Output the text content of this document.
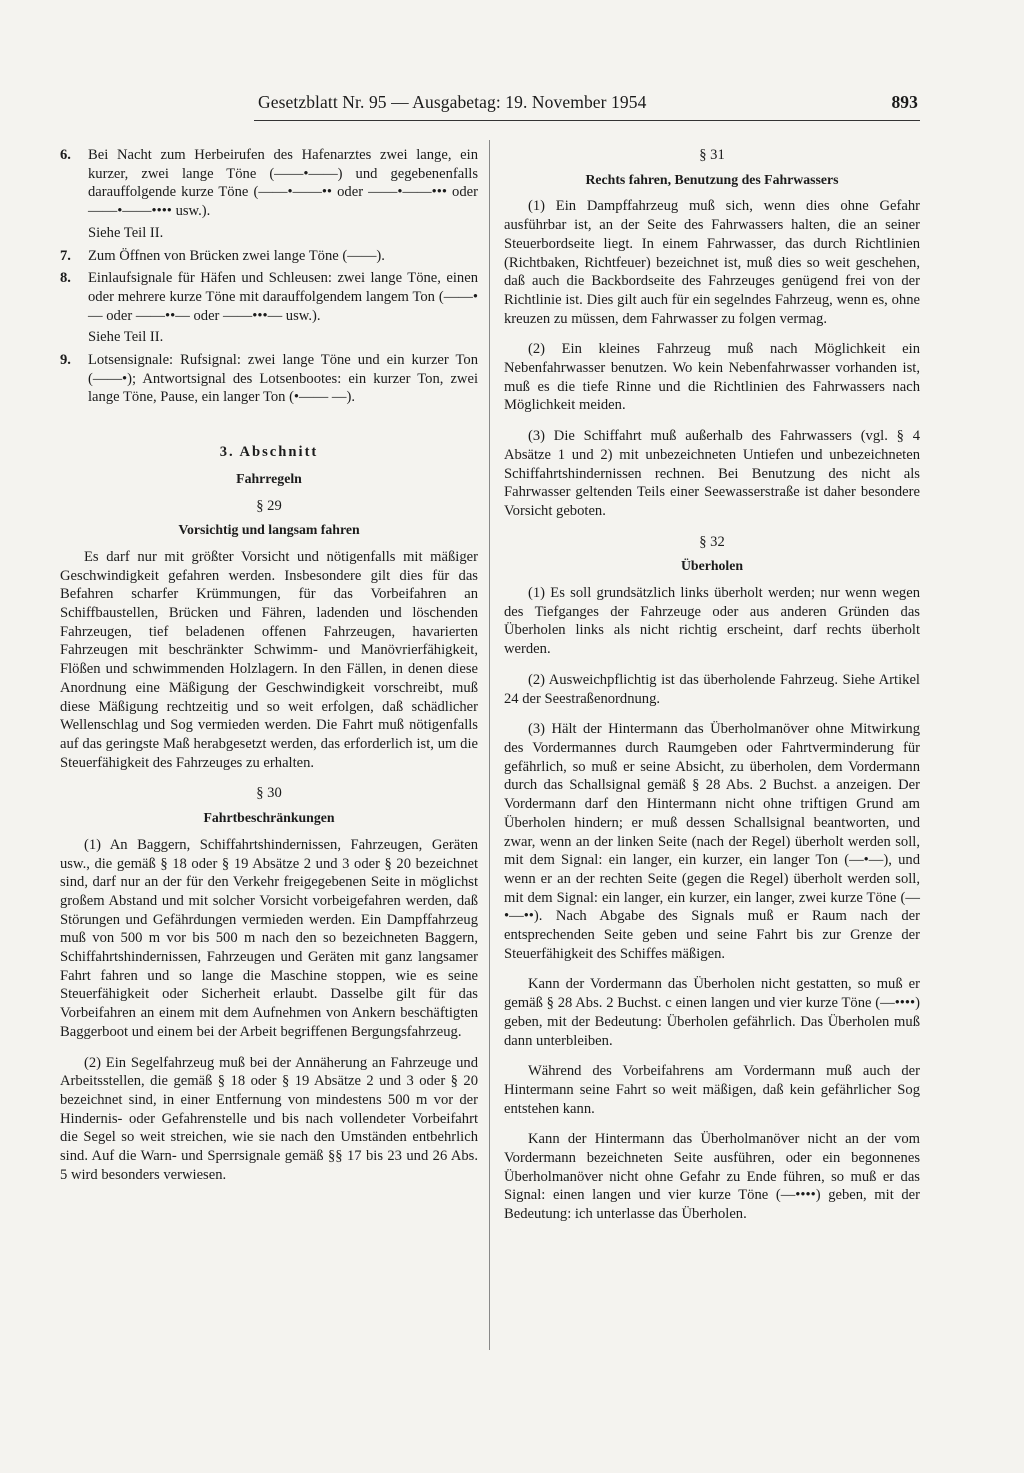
Gesetzblatt Nr. 95 — Ausgabetag: 19. November 1954	893
6. Bei Nacht zum Herbeirufen des Hafenarztes zwei lange, ein kurzer, zwei lange Töne (——•——) und gegebenenfalls darauffolgende kurze Töne (——•——•• oder ——•——••• oder ——•——•••• usw.).
Siehe Teil II.
7. Zum Öffnen von Brücken zwei lange Töne (——).
8. Einlaufsignale für Häfen und Schleusen: zwei lange Töne, einen oder mehrere kurze Töne mit darauffolgendem langem Ton (——•— oder ——••— oder ——•••— usw.).
Siehe Teil II.
9. Lotsensignale: Rufsignal: zwei lange Töne und ein kurzer Ton (——•); Antwortsignal des Lotsenbootes: ein kurzer Ton, zwei lange Töne, Pause, ein langer Ton (•—— —).
3. Abschnitt
Fahrregeln
§ 29
Vorsichtig und langsam fahren

Es darf nur mit größter Vorsicht und nötigenfalls mit mäßiger Geschwindigkeit gefahren werden. Insbesondere gilt dies für das Befahren scharfer Krümmungen, für das Vorbeifahren an Schiffbaustellen, Brücken und Fähren, ladenden und löschenden Fahrzeugen, tief beladenen offenen Fahrzeugen, havarierten Fahrzeugen mit beschränkter Schwimm- und Manövrierfähigkeit, Flößen und schwimmenden Holzlagern. In den Fällen, in denen diese Anordnung eine Mäßigung der Geschwindigkeit vorschreibt, muß diese Mäßigung rechtzeitig und so weit erfolgen, daß schädlicher Wellenschlag und Sog vermieden werden. Die Fahrt muß nötigenfalls auf das geringste Maß herabgesetzt werden, das erforderlich ist, um die Steuerfähigkeit des Fahrzeuges zu erhalten.

§ 30
Fahrtbeschränkungen

(1) An Baggern, Schiffahrtshindernissen, Fahrzeugen, Geräten usw., die gemäß § 18 oder § 19 Absätze 2 und 3 oder § 20 bezeichnet sind, darf nur an der für den Verkehr freigegebenen Seite in möglichst großem Abstand und mit solcher Vorsicht vorbeigefahren werden, daß Störungen und Gefährdungen vermieden werden. Ein Dampffahrzeug muß von 500 m vor bis 500 m nach den so bezeichneten Baggern, Schiffahrtshindernissen, Fahrzeugen und Geräten mit ganz langsamer Fahrt fahren und so lange die Maschine stoppen, wie es seine Steuerfähigkeit oder Sicherheit erlaubt. Dasselbe gilt für das Vorbeifahren an einem mit dem Aufnehmen von Ankern beschäftigten Baggerboot und einem bei der Arbeit begriffenen Bergungsfahrzeug.

(2) Ein Segelfahrzeug muß bei der Annäherung an Fahrzeuge und Arbeitsstellen, die gemäß § 18 oder § 19 Absätze 2 und 3 oder § 20 bezeichnet sind, in einer Entfernung von mindestens 500 m vor der Hindernis- oder Gefahrenstelle und bis nach vollendeter Vorbeifahrt die Segel so weit streichen, wie sie nach den Umständen entbehrlich sind. Auf die Warn- und Sperrsignale gemäß §§ 17 bis 23 und 26 Abs. 5 wird besonders verwiesen.

§ 31
Rechts fahren, Benutzung des Fahrwassers

(1) Ein Dampffahrzeug muß sich, wenn dies ohne Gefahr ausführbar ist, an der Seite des Fahrwassers halten, die an seiner Steuerbordseite liegt. In einem Fahrwasser, das durch Richtlinien (Richtbaken, Richtfeuer) bezeichnet ist, muß dies so weit geschehen, daß auch die Backbordseite des Fahrzeuges genügend frei von der Richtlinie ist. Dies gilt auch für ein segelndes Fahrzeug, wenn es, ohne kreuzen zu müssen, dem Fahrwasser zu folgen vermag.

(2) Ein kleines Fahrzeug muß nach Möglichkeit ein Nebenfahrwasser benutzen. Wo kein Nebenfahrwasser vorhanden ist, muß es die tiefe Rinne und die Richtlinien des Fahrwassers nach Möglichkeit meiden.

(3) Die Schiffahrt muß außerhalb des Fahrwassers (vgl. § 4 Absätze 1 und 2) mit unbezeichneten Untiefen und unbezeichneten Schiffahrtshindernissen rechnen. Bei Benutzung des nicht als Fahrwasser geltenden Teils einer Seewasserstraße ist daher besondere Vorsicht geboten.

§ 32
Überholen

(1) Es soll grundsätzlich links überholt werden; nur wenn wegen des Tiefganges der Fahrzeuge oder aus anderen Gründen das Überholen links als nicht richtig erscheint, darf rechts überholt werden.

(2) Ausweichpflichtig ist das überholende Fahrzeug. Siehe Artikel 24 der Seestraßenordnung.

(3) Hält der Hintermann das Überholmanöver ohne Mitwirkung des Vordermannes durch Raumgeben oder Fahrtverminderung für gefährlich, so muß er seine Absicht, zu überholen, dem Vordermann durch das Schallsignal gemäß § 28 Abs. 2 Buchst. a anzeigen. Der Vordermann darf den Hintermann nicht ohne triftigen Grund am Überholen hindern; er muß dessen Schallsignal beantworten, und zwar, wenn an der linken Seite (nach der Regel) überholt werden soll, mit dem Signal: ein langer, ein kurzer, ein langer Ton (—•—), und wenn er an der rechten Seite (gegen die Regel) überholt werden soll, mit dem Signal: ein langer, ein kurzer, ein langer, zwei kurze Töne (—•—••). Nach Abgabe des Signals muß er Raum nach der entsprechenden Seite geben und seine Fahrt bis zur Grenze der Steuerfähigkeit des Schiffes mäßigen.

Kann der Vordermann das Überholen nicht gestatten, so muß er gemäß § 28 Abs. 2 Buchst. c einen langen und vier kurze Töne (—••••) geben, mit der Bedeutung: Überholen gefährlich. Das Überholen muß dann unterbleiben.

Während des Vorbeifahrens am Vordermann muß auch der Hintermann seine Fahrt so weit mäßigen, daß kein gefährlicher Sog entstehen kann.

Kann der Hintermann das Überholmanöver nicht an der vom Vordermann bezeichneten Seite ausführen, oder ein begonnenes Überholmanöver nicht ohne Gefahr zu Ende führen, so muß er das Signal: einen langen und vier kurze Töne (—••••) geben, mit der Bedeutung: ich unterlasse das Überholen.
